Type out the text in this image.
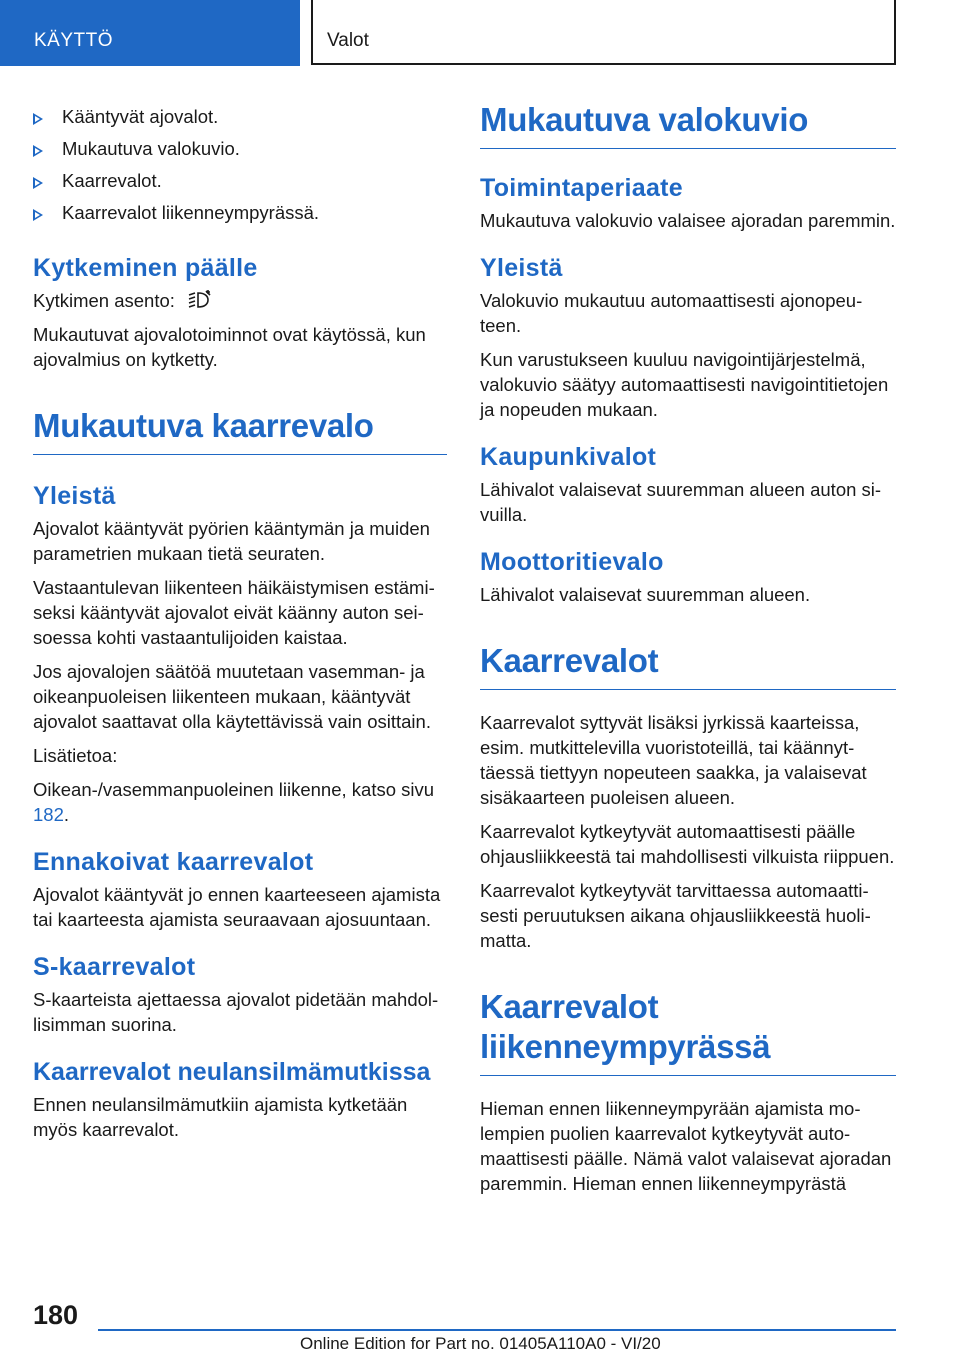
KÄYTTÖ	Valot
Kääntyvät ajovalot.
Mukautuva valokuvio.
Kaarrevalot.
Kaarrevalot liikenneympyrässä.
Kytkeminen päälle

Kytkimen asento:

Mukautuvat ajovalotoiminnot ovat käytössä, kun ajovalmius on kytketty.

Mukautuva kaarrevalo
Yleistä

Ajovalot kääntyvät pyörien kääntymän ja muiden parametrien mukaan tietä seuraten.

Vastaantulevan liikenteen häikäistymisen estämiseksi kääntyvät ajovalot eivät käänny auton seisoessa kohti vastaantulijoiden kaistaa.

Jos ajovalojen säätöä muutetaan vasemman- ja oikeanpuoleisen liikenteen mukaan, kääntyvät ajovalot saattavat olla käytettävissä vain osittain.

Lisätietoa:

Oikean-/vasemmanpuoleinen liikenne, katso sivu 182.

Ennakoivat kaarrevalot

Ajovalot kääntyvät jo ennen kaarteeseen ajamista tai kaarteesta ajamista seuraavaan ajosuuntaan.

S-kaarrevalot

S-kaarteista ajettaessa ajovalot pidetään mahdollisimman suorina.

Kaarrevalot neulansilmämutkissa

Ennen neulansilmämutkiin ajamista kytketään myös kaarrevalot.

Mukautuva valokuvio
Toimintaperiaate

Mukautuva valokuvio valaisee ajoradan paremmin.

Yleistä

Valokuvio mukautuu automaattisesti ajonopeuteen.

Kun varustukseen kuuluu navigointijärjestelmä, valokuvio säätyy automaattisesti navigointitietojen ja nopeuden mukaan.

Kaupunkivalot

Lähivalot valaisevat suuremman alueen auton sivuilla.

Moottoritievalo

Lähivalot valaisevat suuremman alueen.

Kaarrevalot

Kaarrevalot syttyvät lisäksi jyrkissä kaarteissa, esim. mutkittelevilla vuoristoteillä, tai käännyttäessä tiettyyn nopeuteen saakka, ja valaisevat sisäkaarteen puoleisen alueen.

Kaarrevalot kytkeytyvät automaattisesti päälle ohjausliikkeestä tai mahdollisesti vilkuista riippuen.

Kaarrevalot kytkeytyvät tarvittaessa automaattisesti peruutuksen aikana ohjausliikkeestä huolimatta.

Kaarrevalot liikenneympyrässä

Hieman ennen liikenneympyrään ajamista molempien puolien kaarrevalot kytkeytyvät automaattisesti päälle. Nämä valot valaisevat ajoradan paremmin. Hieman ennen liikenneympyrästä

180
Online Edition for Part no. 01405A110A0 - VI/20
